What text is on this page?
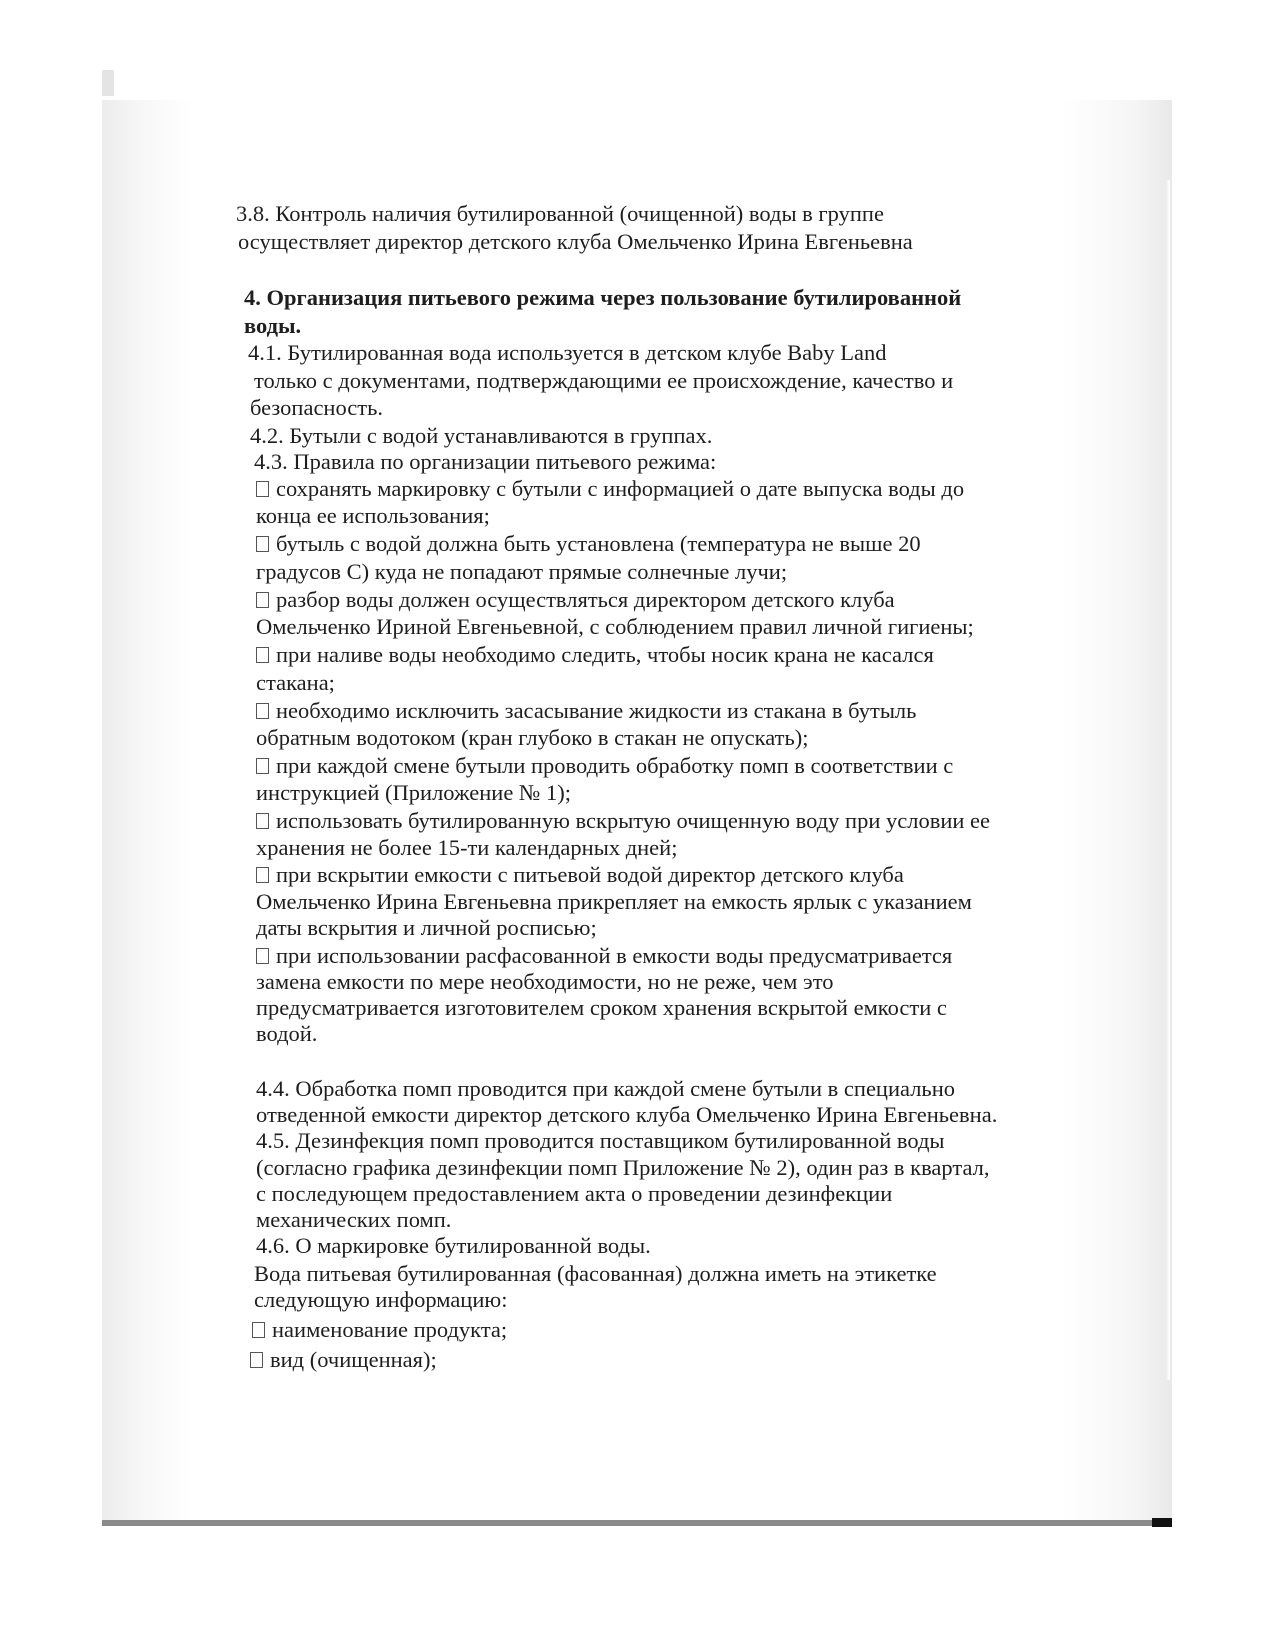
3.8. Контроль наличия бутилированной (очищенной) воды в группе
осуществляет директор детского клуба Омельченко Ирина Евгеньевна
4. Организация питьевого режима через пользование бутилированной
воды.
4.1. Бутилированная вода используется в детском клубе Baby Land
только с документами, подтверждающими ее происхождение, качество и
безопасность.
4.2. Бутыли с водой устанавливаются в группах.
4.3. Правила по организации питьевого режима:
сохранять маркировку с бутыли с информацией о дате выпуска воды до
конца ее использования;
бутыль с водой должна быть установлена (температура не выше 20
градусов С) куда не попадают прямые солнечные лучи;
разбор воды должен осуществляться директором детского клуба
Омельченко Ириной Евгеньевной, с соблюдением правил личной гигиены;
при наливе воды необходимо следить, чтобы носик крана не касался
стакана;
необходимо исключить засасывание жидкости из стакана в бутыль
обратным водотоком (кран глубоко в стакан не опускать);
при каждой смене бутыли проводить обработку помп в соответствии с
инструкцией (Приложение № 1);
использовать бутилированную вскрытую очищенную воду при условии ее
хранения не более 15-ти календарных дней;
при вскрытии емкости с питьевой водой директор детского клуба
Омельченко Ирина Евгеньевна прикрепляет на емкость ярлык с указанием
даты вскрытия и личной росписью;
при использовании расфасованной в емкости воды предусматривается
замена емкости по мере необходимости, но не реже, чем это
предусматривается изготовителем сроком хранения вскрытой емкости с
водой.
4.4. Обработка помп проводится при каждой смене бутыли в специально
отведенной емкости директор детского клуба Омельченко Ирина Евгеньевна.
4.5. Дезинфекция помп проводится поставщиком бутилированной воды
(согласно графика дезинфекции помп Приложение № 2), один раз в квартал,
с последующем предоставлением акта о проведении дезинфекции
механических помп.
4.6. О маркировке бутилированной воды.
Вода питьевая бутилированная (фасованная) должна иметь на этикетке
следующую информацию:
наименование продукта;
вид (очищенная);
